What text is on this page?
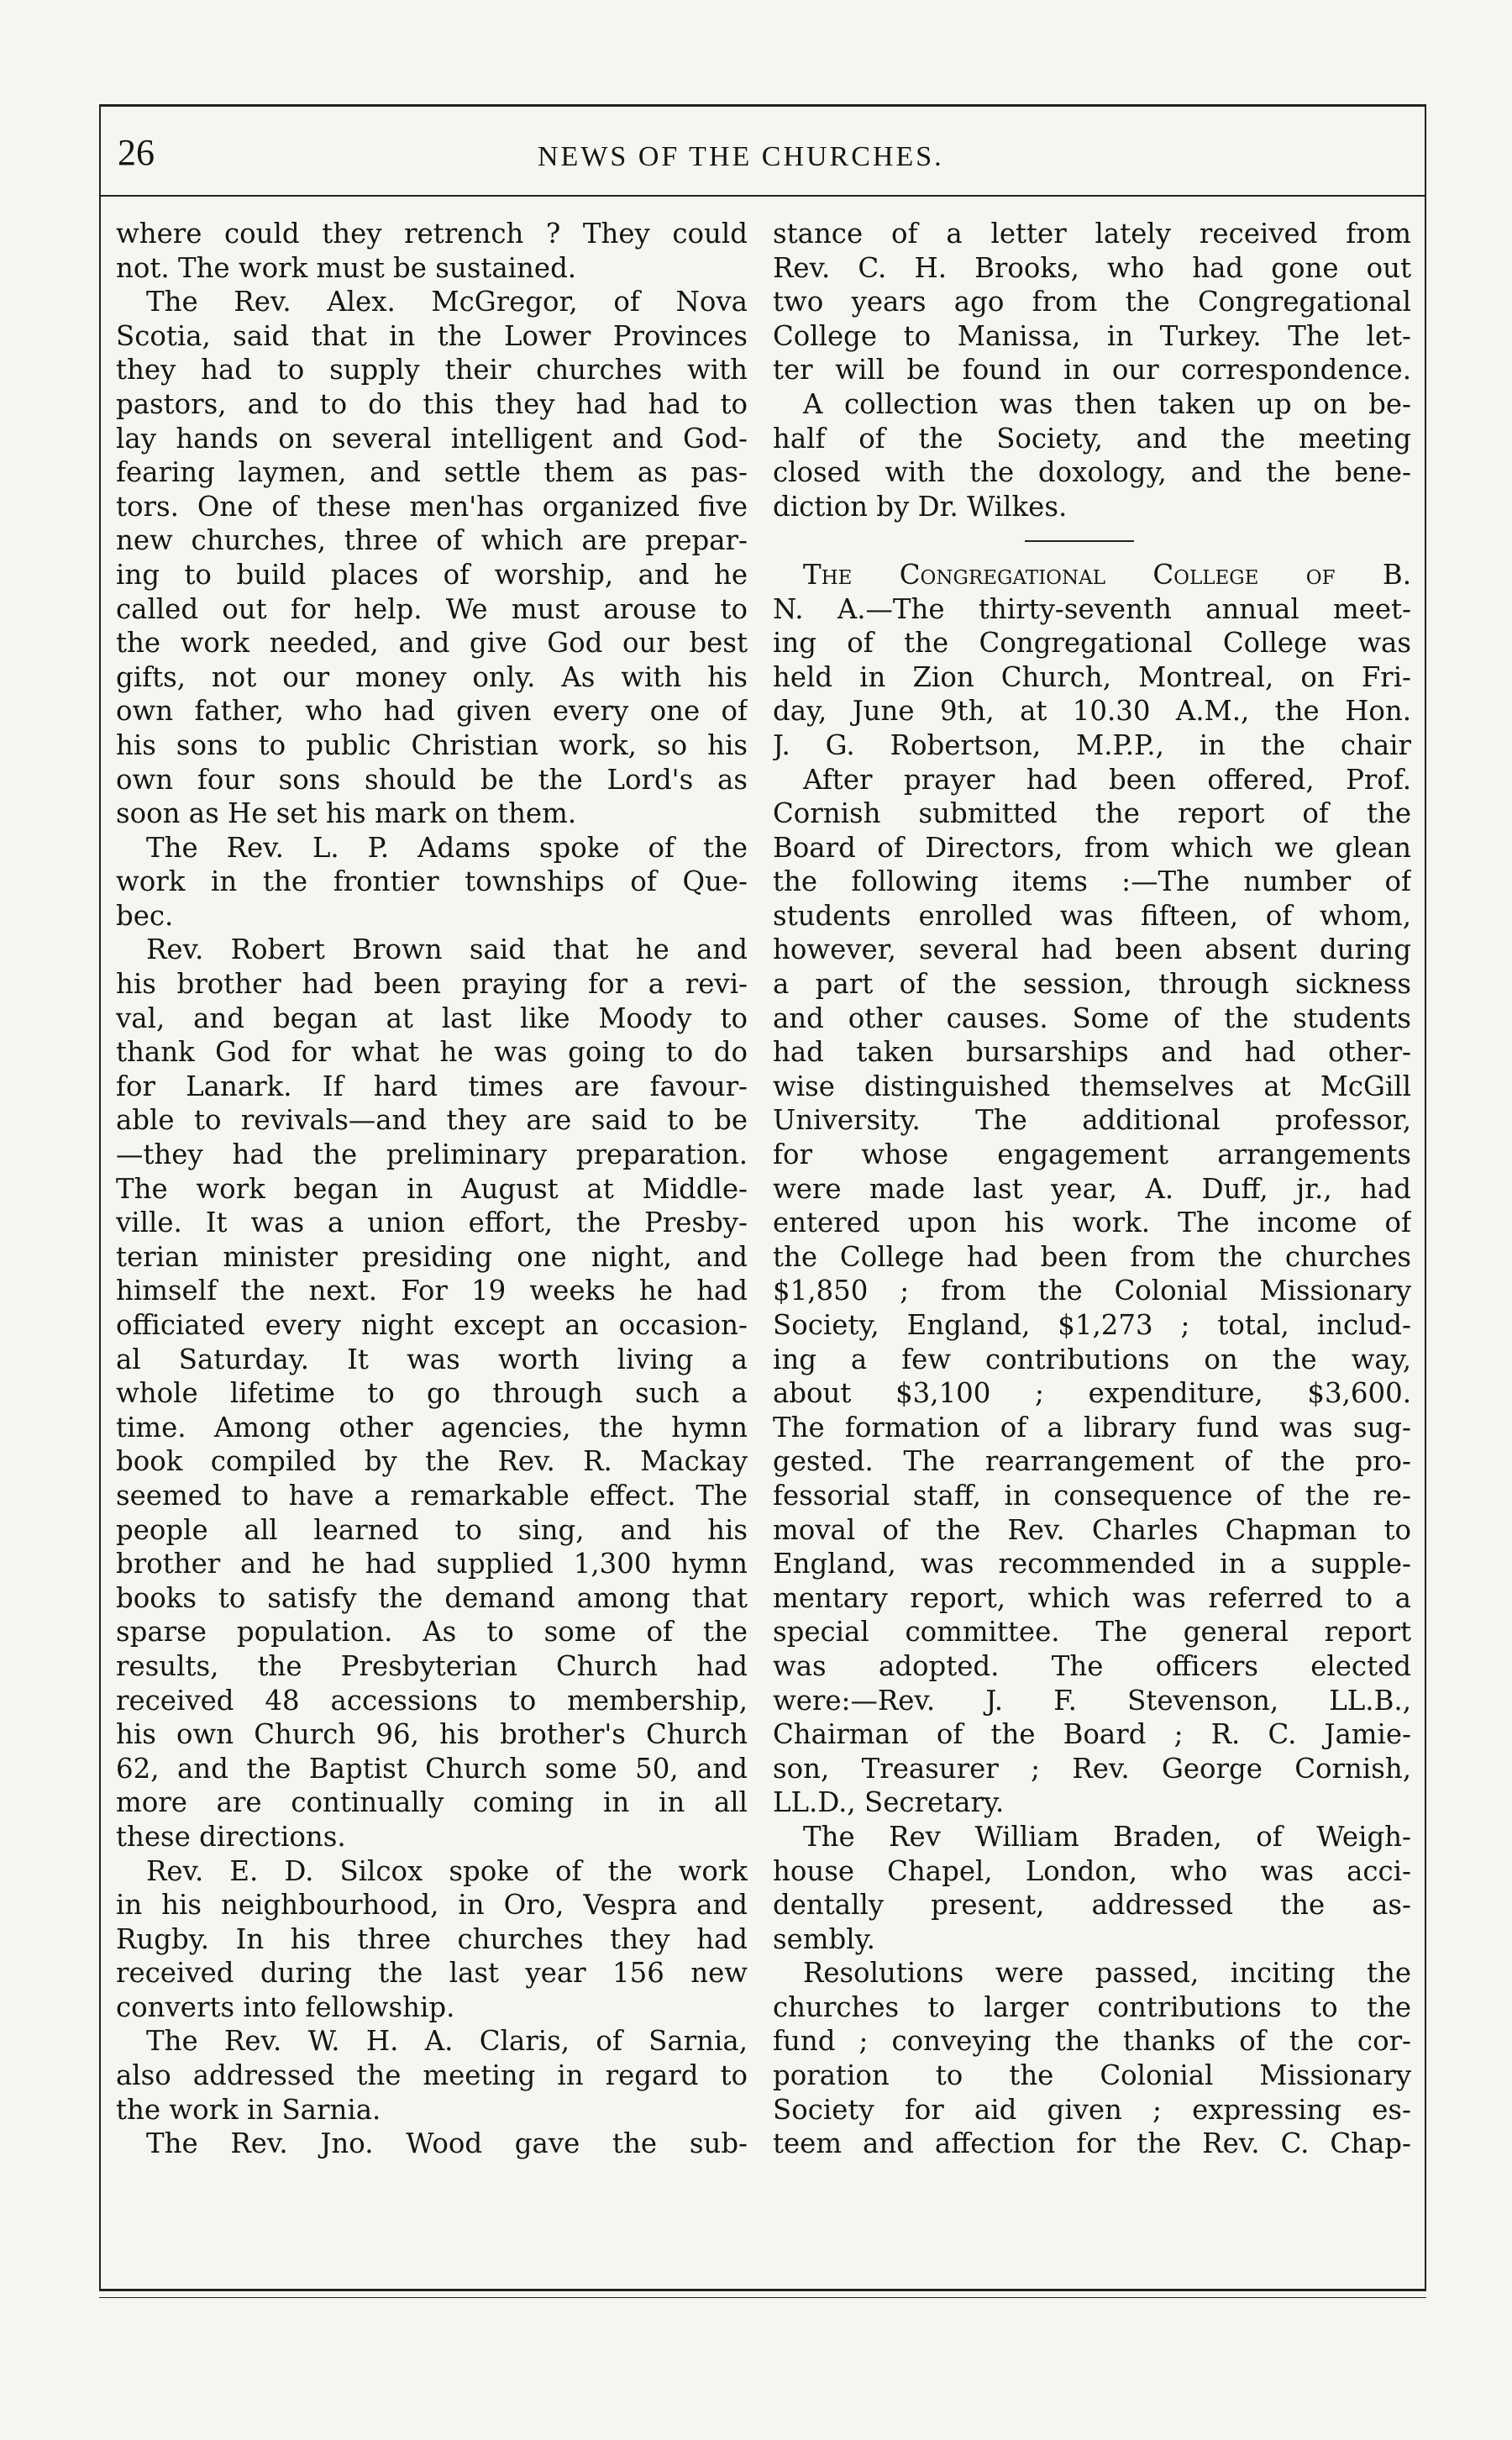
26	NEWS OF THE CHURCHES.
where could they retrench ? They could
not. The work must be sustained.
The Rev. Alex. McGregor, of Nova
Scotia, said that in the Lower Provinces
they had to supply their churches with
pastors, and to do this they had had to
lay hands on several intelligent and God-
fearing laymen, and settle them as pas-
tors. One of these men'has organized five
new churches, three of which are prepar-
ing to build places of worship, and he
called out for help. We must arouse to
the work needed, and give God our best
gifts, not our money only. As with his
own father, who had given every one of
his sons to public Christian work, so his
own four sons should be the Lord's as
soon as He set his mark on them.
The Rev. L. P. Adams spoke of the
work in the frontier townships of Que-
bec.
Rev. Robert Brown said that he and
his brother had been praying for a revi-
val, and began at last like Moody to
thank God for what he was going to do
for Lanark. If hard times are favour-
able to revivals—and they are said to be
—they had the preliminary preparation.
The work began in August at Middle-
ville. It was a union effort, the Presby-
terian minister presiding one night, and
himself the next. For 19 weeks he had
officiated every night except an occasion-
al Saturday. It was worth living a
whole lifetime to go through such a
time. Among other agencies, the hymn
book compiled by the Rev. R. Mackay
seemed to have a remarkable effect. The
people all learned to sing, and his
brother and he had supplied 1,300 hymn
books to satisfy the demand among that
sparse population. As to some of the
results, the Presbyterian Church had
received 48 accessions to membership,
his own Church 96, his brother's Church
62, and the Baptist Church some 50, and
more are continually coming in in all
these directions.
Rev. E. D. Silcox spoke of the work
in his neighbourhood, in Oro, Vespra and
Rugby. In his three churches they had
received during the last year 156 new
converts into fellowship.
The Rev. W. H. A. Claris, of Sarnia,
also addressed the meeting in regard to
the work in Sarnia.
The Rev. Jno. Wood gave the sub-
stance of a letter lately received from
Rev. C. H. Brooks, who had gone out
two years ago from the Congregational
College to Manissa, in Turkey. The let-
ter will be found in our correspondence.
A collection was then taken up on be-
half of the Society, and the meeting
closed with the doxology, and the bene-
diction by Dr. Wilkes.
The Congregational College of B.
N. A.—The thirty-seventh annual meet-
ing of the Congregational College was
held in Zion Church, Montreal, on Fri-
day, June 9th, at 10.30 A.M., the Hon.
J. G. Robertson, M.P.P., in the chair
After prayer had been offered, Prof.
Cornish submitted the report of the
Board of Directors, from which we glean
the following items :—The number of
students enrolled was fifteen, of whom,
however, several had been absent during
a part of the session, through sickness
and other causes. Some of the students
had taken bursarships and had other-
wise distinguished themselves at McGill
University. The additional professor,
for whose engagement arrangements
were made last year, A. Duff, jr., had
entered upon his work. The income of
the College had been from the churches
$1,850 ; from the Colonial Missionary
Society, England, $1,273 ; total, includ-
ing a few contributions on the way,
about $3,100 ; expenditure, $3,600.
The formation of a library fund was sug-
gested. The rearrangement of the pro-
fessorial staff, in consequence of the re-
moval of the Rev. Charles Chapman to
England, was recommended in a supple-
mentary report, which was referred to a
special committee. The general report
was adopted. The officers elected
were:—Rev. J. F. Stevenson, LL.B.,
Chairman of the Board ; R. C. Jamie-
son, Treasurer ; Rev. George Cornish,
LL.D., Secretary.
The Rev William Braden, of Weigh-
house Chapel, London, who was acci-
dentally present, addressed the as-
sembly.
Resolutions were passed, inciting the
churches to larger contributions to the
fund ; conveying the thanks of the cor-
poration to the Colonial Missionary
Society for aid given ; expressing es-
teem and affection for the Rev. C. Chap-
